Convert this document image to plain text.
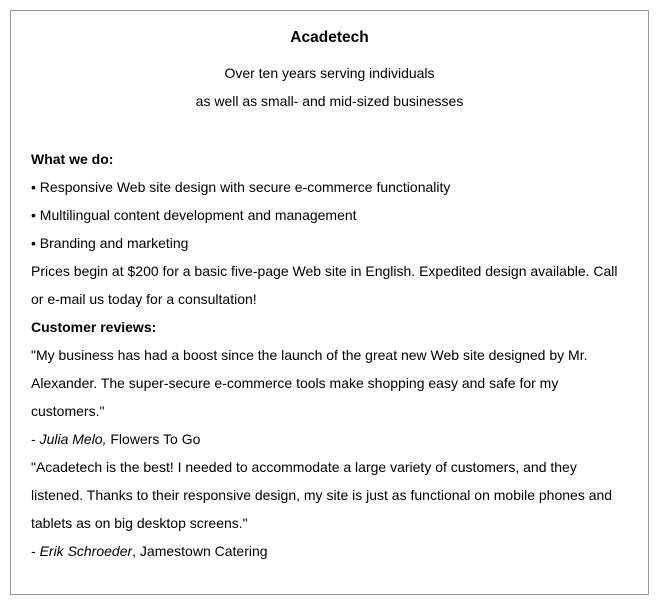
Acadetech
Over ten years serving individuals
as well as small- and mid-sized businesses
What we do:
• Responsive Web site design with secure e-commerce functionality
• Multilingual content development and management
• Branding and marketing
Prices begin at $200 for a basic five-page Web site in English. Expedited design available. Call or e-mail us today for a consultation!
Customer reviews:
"My business has had a boost since the launch of the great new Web site designed by Mr. Alexander. The super-secure e-commerce tools make shopping easy and safe for my customers."
- Julia Melo, Flowers To Go
"Acadetech is the best! I needed to accommodate a large variety of customers, and they listened. Thanks to their responsive design, my site is just as functional on mobile phones and tablets as on big desktop screens."
- Erik Schroeder, Jamestown Catering
